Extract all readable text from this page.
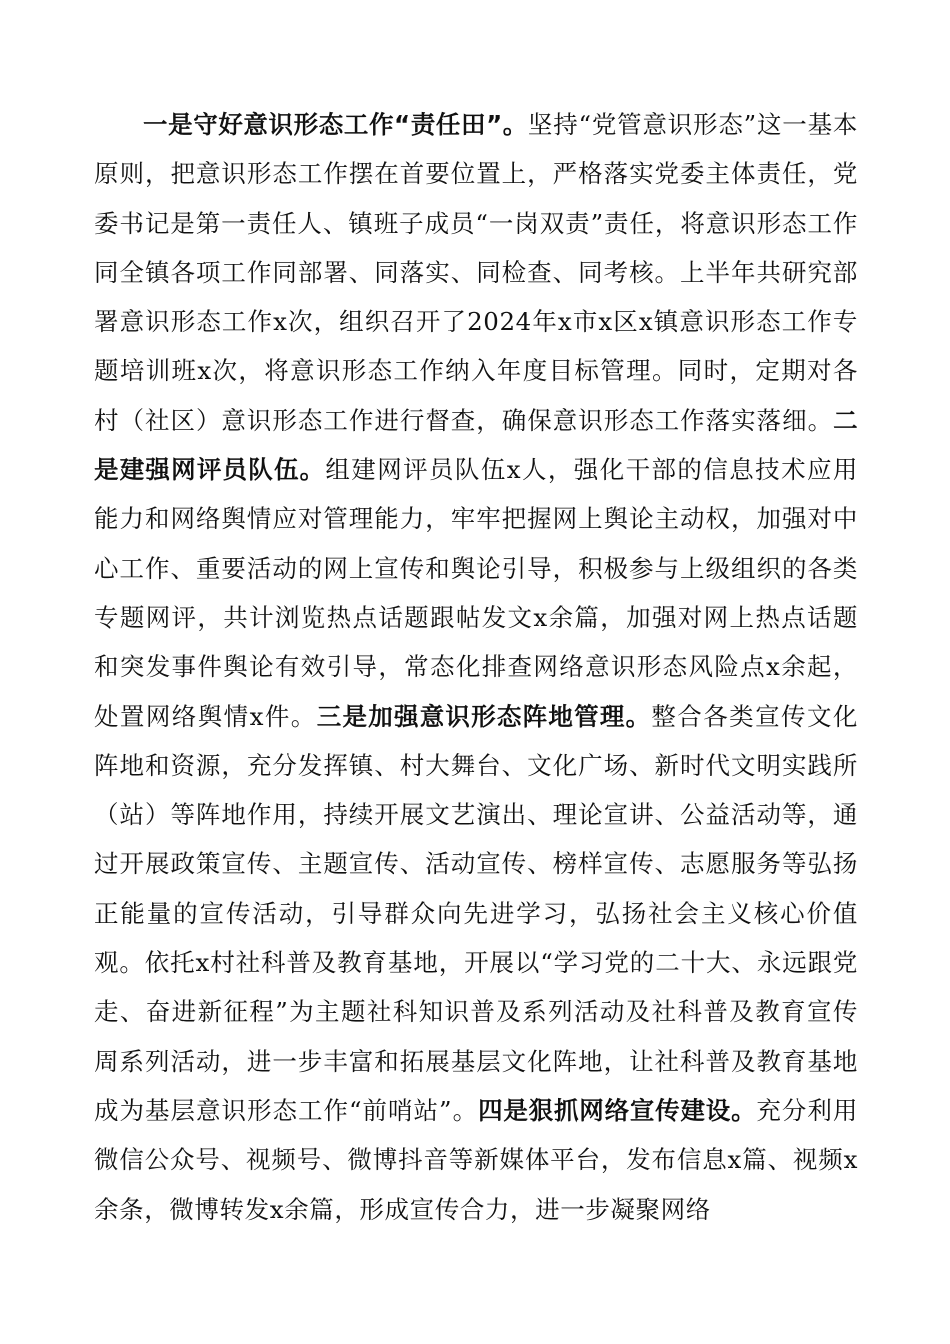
一是守好意识形态工作“责任田”。坚持“党管意识形态”这一基本原则，把意识形态工作摆在首要位置上，严格落实党委主体责任，党委书记是第一责任人、镇班子成员“一岗双责”责任，将意识形态工作同全镇各项工作同部署、同落实、同检查、同考核。上半年共研究部署意识形态工作x次，组织召开了2024年x市x区x镇意识形态工作专题培训班x次，将意识形态工作纳入年度目标管理。同时，定期对各村（社区）意识形态工作进行督查，确保意识形态工作落实落细。二是建强网评员队伍。组建网评员队伍x人，强化干部的信息技术应用能力和网络舆情应对管理能力，牢牢把握网上舆论主动权，加强对中心工作、重要活动的网上宣传和舆论引导，积极参与上级组织的各类专题网评，共计浏览热点话题跟帖发文x余篇，加强对网上热点话题和突发事件舆论有效引导，常态化排查网络意识形态风险点x余起，处置网络舆情x件。三是加强意识形态阵地管理。整合各类宣传文化阵地和资源，充分发挥镇、村大舞台、文化广场、新时代文明实践所（站）等阵地作用，持续开展文艺演出、理论宣讲、公益活动等，通过开展政策宣传、主题宣传、活动宣传、榜样宣传、志愿服务等弘扬正能量的宣传活动，引导群众向先进学习，弘扬社会主义核心价值观。依托x村社科普及教育基地，开展以“学习党的二十大、永远跟党走、奋进新征程”为主题社科知识普及系列活动及社科普及教育宣传周系列活动，进一步丰富和拓展基层文化阵地，让社科普及教育基地成为基层意识形态工作“前哨站”。四是狠抓网络宣传建设。充分利用微信公众号、视频号、微博抖音等新媒体平台，发布信息x篇、视频x余条，微博转发x余篇，形成宣传合力，进一步凝聚网络
